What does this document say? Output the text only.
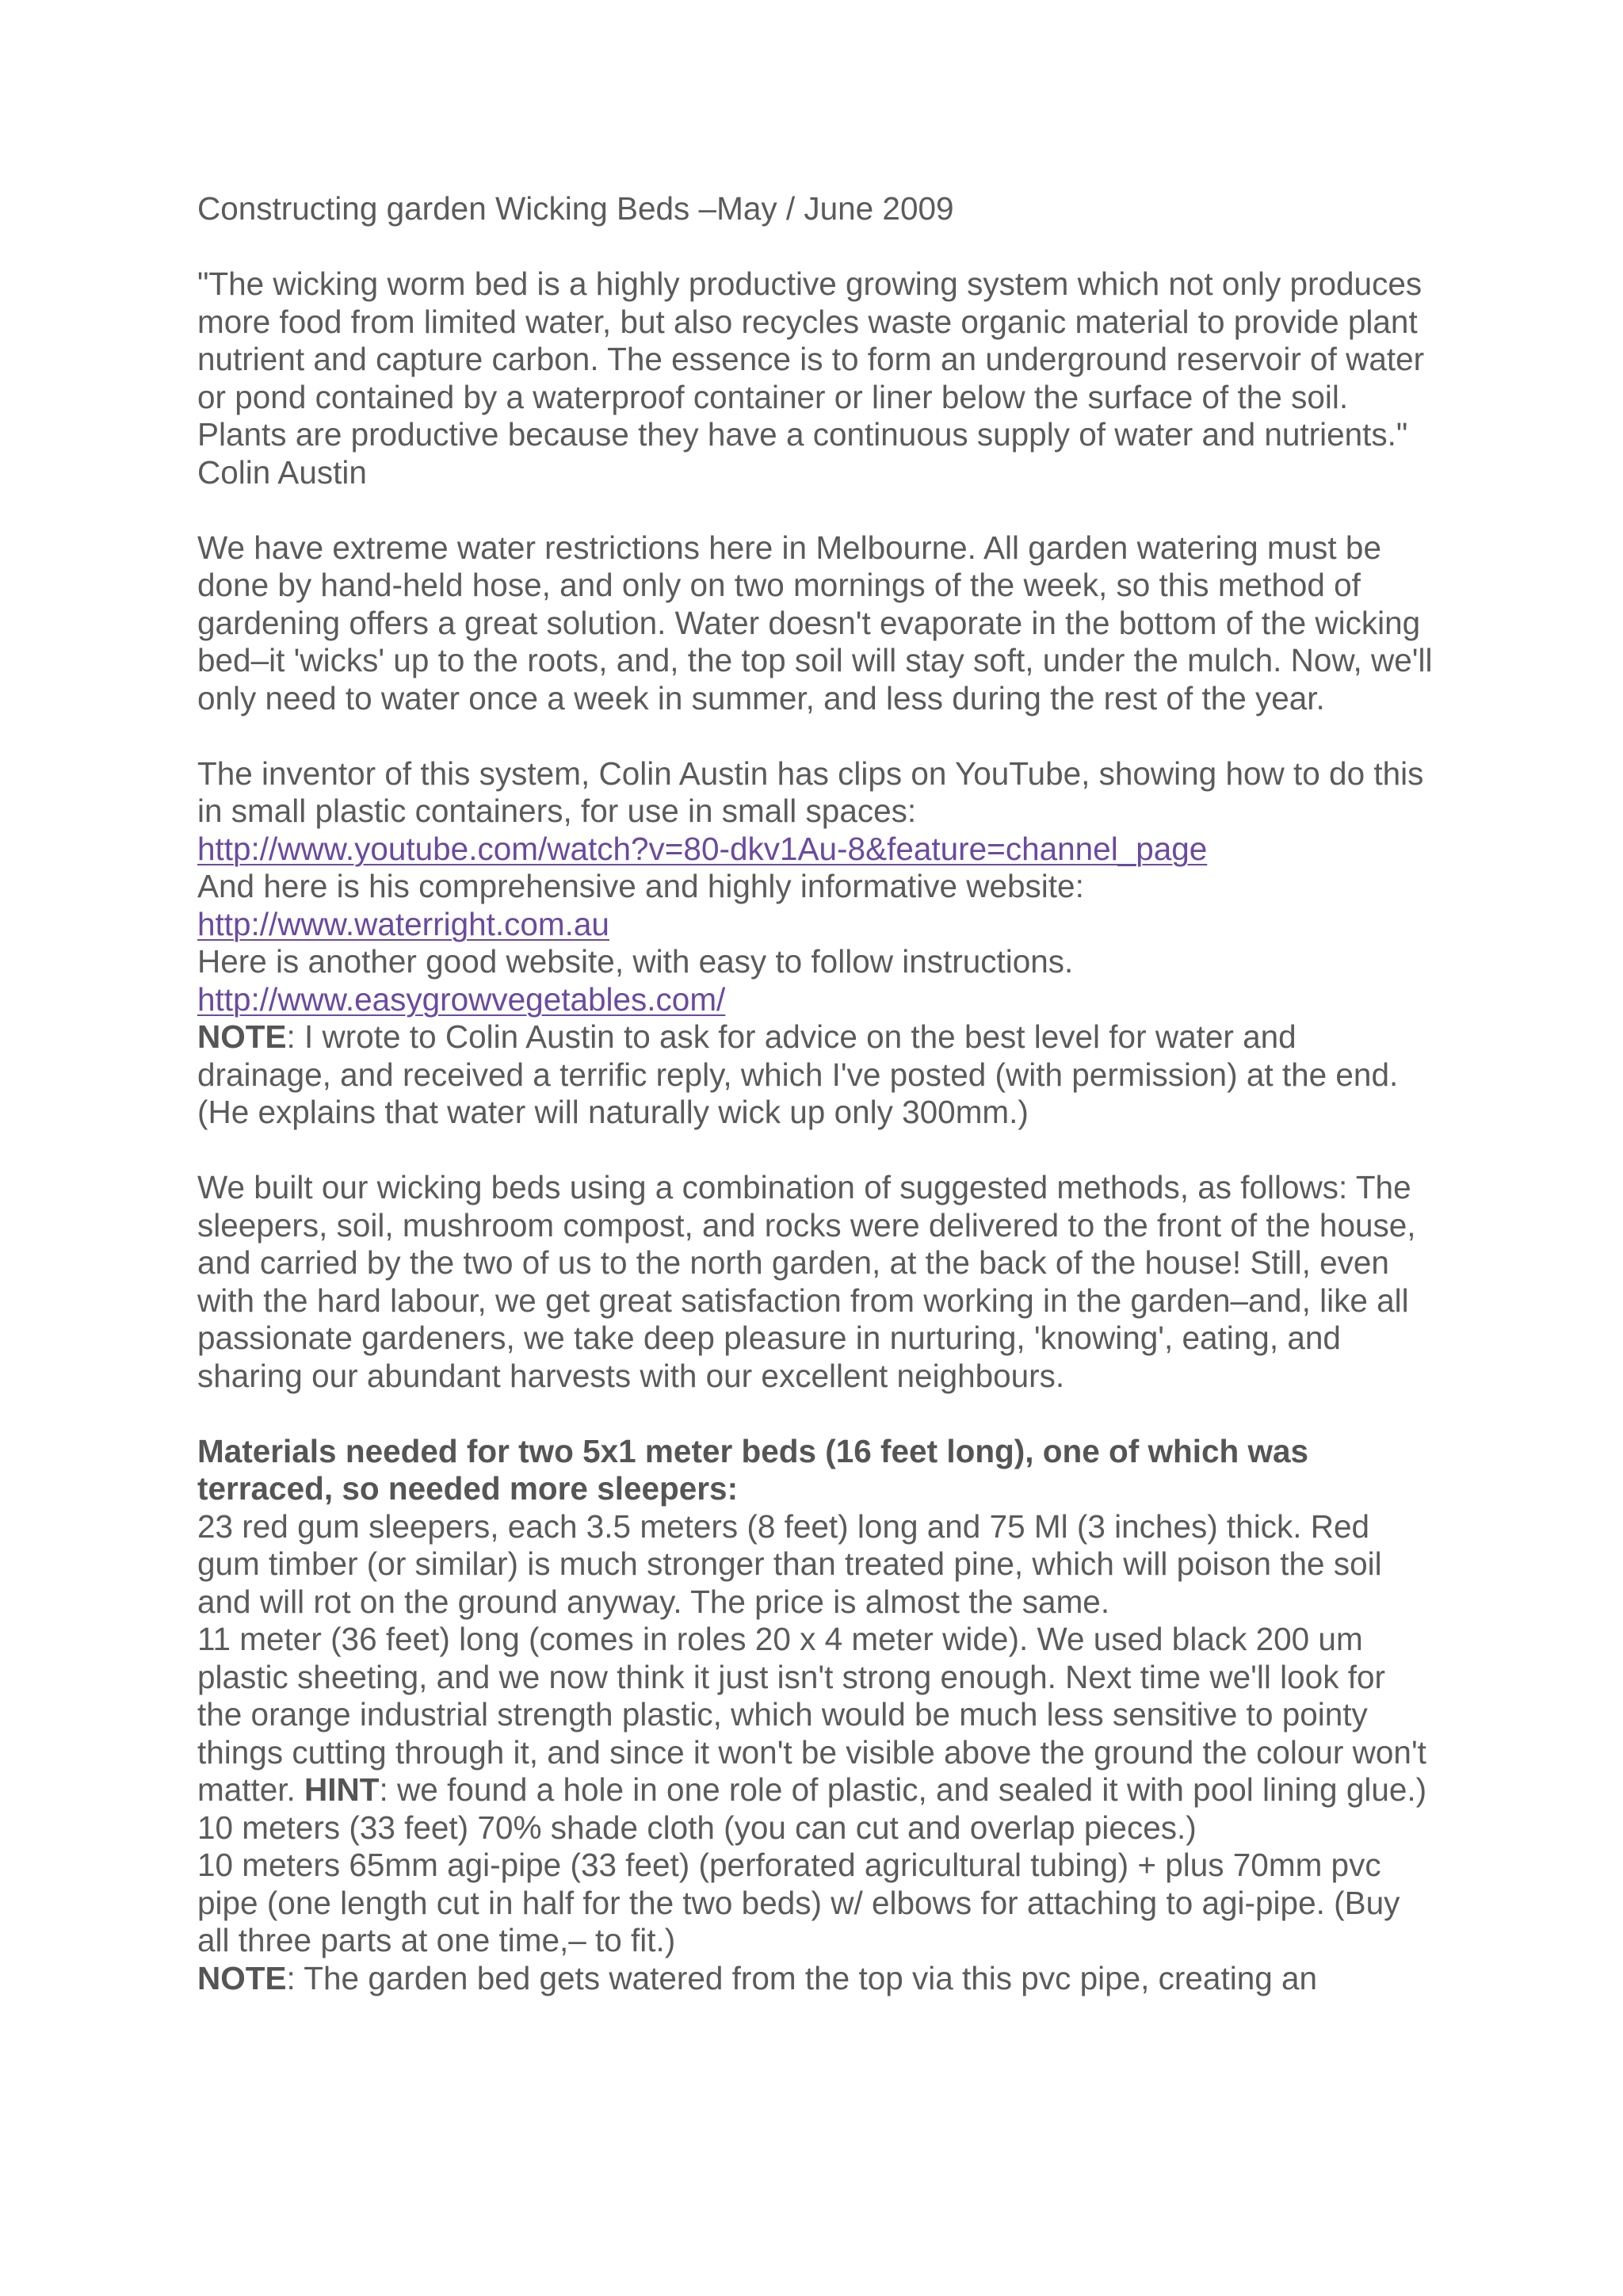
Constructing garden Wicking Beds –May / June 2009

"The wicking worm bed is a highly productive growing system which not only produces more food from limited water, but also recycles waste organic material to provide plant nutrient and capture carbon. The essence is to form an underground reservoir of water or pond contained by a waterproof container or liner below the surface of the soil. Plants are productive because they have a continuous supply of water and nutrients." Colin Austin

We have extreme water restrictions here in Melbourne. All garden watering must be done by hand-held hose, and only on two mornings of the week, so this method of gardening offers a great solution. Water doesn't evaporate in the bottom of the wicking bed–it 'wicks' up to the roots, and, the top soil will stay soft, under the mulch. Now, we'll only need to water once a week in summer, and less during the rest of the year.

The inventor of this system, Colin Austin has clips on YouTube, showing how to do this in small plastic containers, for use in small spaces:

http://www.youtube.com/watch?v=80-dkv1Au-8&feature=channel_page

And here is his comprehensive and highly informative website:

http://www.waterright.com.au

Here is another good website, with easy to follow instructions.

http://www.easygrowvegetables.com/

NOTE: I wrote to Colin Austin to ask for advice on the best level for water and drainage, and received a terrific reply, which I've posted (with permission) at the end. (He explains that water will naturally wick up only 300mm.)

We built our wicking beds using a combination of suggested methods, as follows: The sleepers, soil, mushroom compost, and rocks were delivered to the front of the house, and carried by the two of us to the north garden, at the back of the house! Still, even with the hard labour, we get great satisfaction from working in the garden–and, like all passionate gardeners, we take deep pleasure in nurturing, 'knowing', eating, and sharing our abundant harvests with our excellent neighbours.

Materials needed for two 5x1 meter beds (16 feet long), one of which was terraced, so needed more sleepers:

23 red gum sleepers, each 3.5 meters (8 feet) long and 75 Ml (3 inches) thick. Red gum timber (or similar) is much stronger than treated pine, which will poison the soil and will rot on the ground anyway. The price is almost the same.

11 meter (36 feet) long (comes in roles 20 x 4 meter wide). We used black 200 um plastic sheeting, and we now think it just isn't strong enough. Next time we'll look for the orange industrial strength plastic, which would be much less sensitive to pointy things cutting through it, and since it won't be visible above the ground the colour won't matter. HINT: we found a hole in one role of plastic, and sealed it with pool lining glue.)

10 meters (33 feet) 70% shade cloth (you can cut and overlap pieces.)

10 meters 65mm agi-pipe (33 feet) (perforated agricultural tubing) + plus 70mm pvc pipe (one length cut in half for the two beds) w/ elbows for attaching to agi-pipe. (Buy all three parts at one time,– to fit.)

NOTE: The garden bed gets watered from the top via this pvc pipe, creating an
